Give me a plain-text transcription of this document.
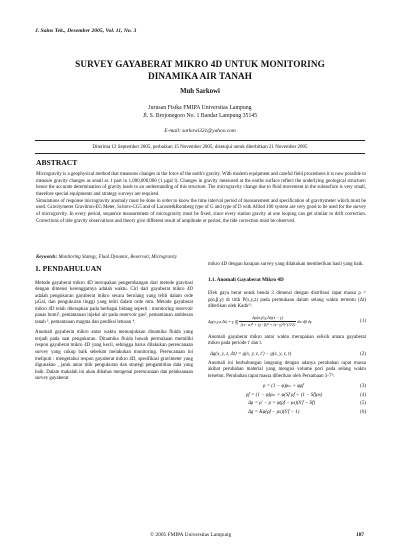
J. Sains Tek., Desember 2005, Vol. 11, No. 3
SURVEY GAYABERAT MIKRO 4D UNTUK MONITORING
DINAMIKA AIR TANAH
Muh Sarkowi
Jurusan Fisika FMIPA Universitas Lampung
Jl. S. Brojonegoro No. 1 Bandar Lampung 35145
E-mail: sarkowi321@yahoo.com
Diterima 12 September 2005, perbaikan 15 November 2005, disetujui untuk diterbitkan 21 November 2005
ABSTRACT

Microgravity is a geophysical method that measures changes in the force of the earth's gravity. With modern equipment and careful field procedures it is now possible to measure gravity changes as small as 1 part in 1,000,000,000 (1 µgal l). Changes in gravity measured at the earths surface reflect the underlying geological structure; hence the accurate determination of gravity leads to an understanding of this structure. The microgravity change due to fluid movement in the subsurface is very small, therefore special equipments and strategy surveys are required.

Simulations of response microgravity anomaly must be done in order to know the time interval period of measurement and specification of gravitymeter which must be used. Gravitymeter Gravitron-EG Meter, Scitrex-CG5 and of Lacoste&Romberg type of G and type of D with Alllod 100 system are very good to be used for the survey of microgravity. In every period, sequence measurement of microgravity must be fixed, since every station gravity at one looping can get similar to drift correction. Corrections of tide gravity observations and theory give different result of amplitude or period, the tide correction must be observed.

Keywords: Monitoring Stategy, Fluid Dynamic, Reservoir, Microgravity

1. PENDAHULUAN

Metode gayaberat mikro 4D merupakan pengembangan dari metode gravitasi dengan dimensi kerenggatnya adalah waktu. Ciri dari gayaberat mikro 4D adalah pengukuran gayaberat mikro secara berulang yang teliti dalam orde µGal, dan pengukuran tinggi yang teliti dalam orde mm. Metode gayaberat mikro 4D telah diterapkan pada berbagai bidang seperti : monitoring reservoir panas bumi¹, pemantauan injeksi air pada reservoir gas², pemantauan amblesan tanah ³, pemantauan magma dan prediksi letusan ⁴.

Anomali gayaberat mikro antar waktu menunjukkan dinamika fluida yang terjadi pada saat pengukuran. Dinamika fluida bawah permukaan memiliki respon gayaberat mikro 4D yang kecil, sehingga harus dilakukan perencanaan survey yang cukup baik sebelum melakukan monitoring. Perencanaan ini meliputi : mengetahui respon gayaberat mikro 4D, spesifikasi gravimeter yang digunakan , jarak antar titik pengukuran dan strategi pengambilan data yang baik. Dalam makalah ini akan dibahas mengenai perencanaan dan pelaksanaan survey gayaberat

mikro 4D dengan harapan survey yang dilakukan memberikan hasil yang baik.

1.1. Anomali Gayaberat Mikro 4D

Efek gaya berat untuk benda 3 dimensi dengan distribusi rapat massa ρ = ρ(α,β,γ) di titik P(x,y,z) pada permukaan dalam selang waktu tertentu (Δt) diberikan oleh Kadir⁵:

Δg(x,y,z,Δt) = γ ∫∫∫ $\frac{\Delta\rho(\alpha,\beta,\gamma,\Delta t)(z - \gamma)}{\text{[(x−α)² + (y−β)² + (z−γ)²]\textasciicircum{}(3/2)}}$ dα dβ dγ	(1)

Anomali gayaberat mikro antar waktu merupakan selisih antara gayaberat mikro pada periode t' dan t.

Δg(x, y, z, Δt) = g(x, y, z, t′) − g(x, y, z, t)	(2)

Anomali ini berhubungan langsung dengan adanya perubahan rapat massa akibat perubahan material yang mengisi volume pori pada selang waktu tersebut. Perubahan rapat massa diberikan oleh Persamaan 3-7⁵:

ρ = (1 − φ)ρₘ + φρf	(3)
ρf = (1 − φ)ρₘ + φ(Sf ρf + (1 − Sf)ρs)	(4)
Δρ = ρ′ − ρ = φ(ρf − ρs)(S′f − Sf)	(5)
Δg = Kφ(ρf − ρs)(S′f − 1)	(6)
© 2005 FMIPA Universitas Lampung	187
